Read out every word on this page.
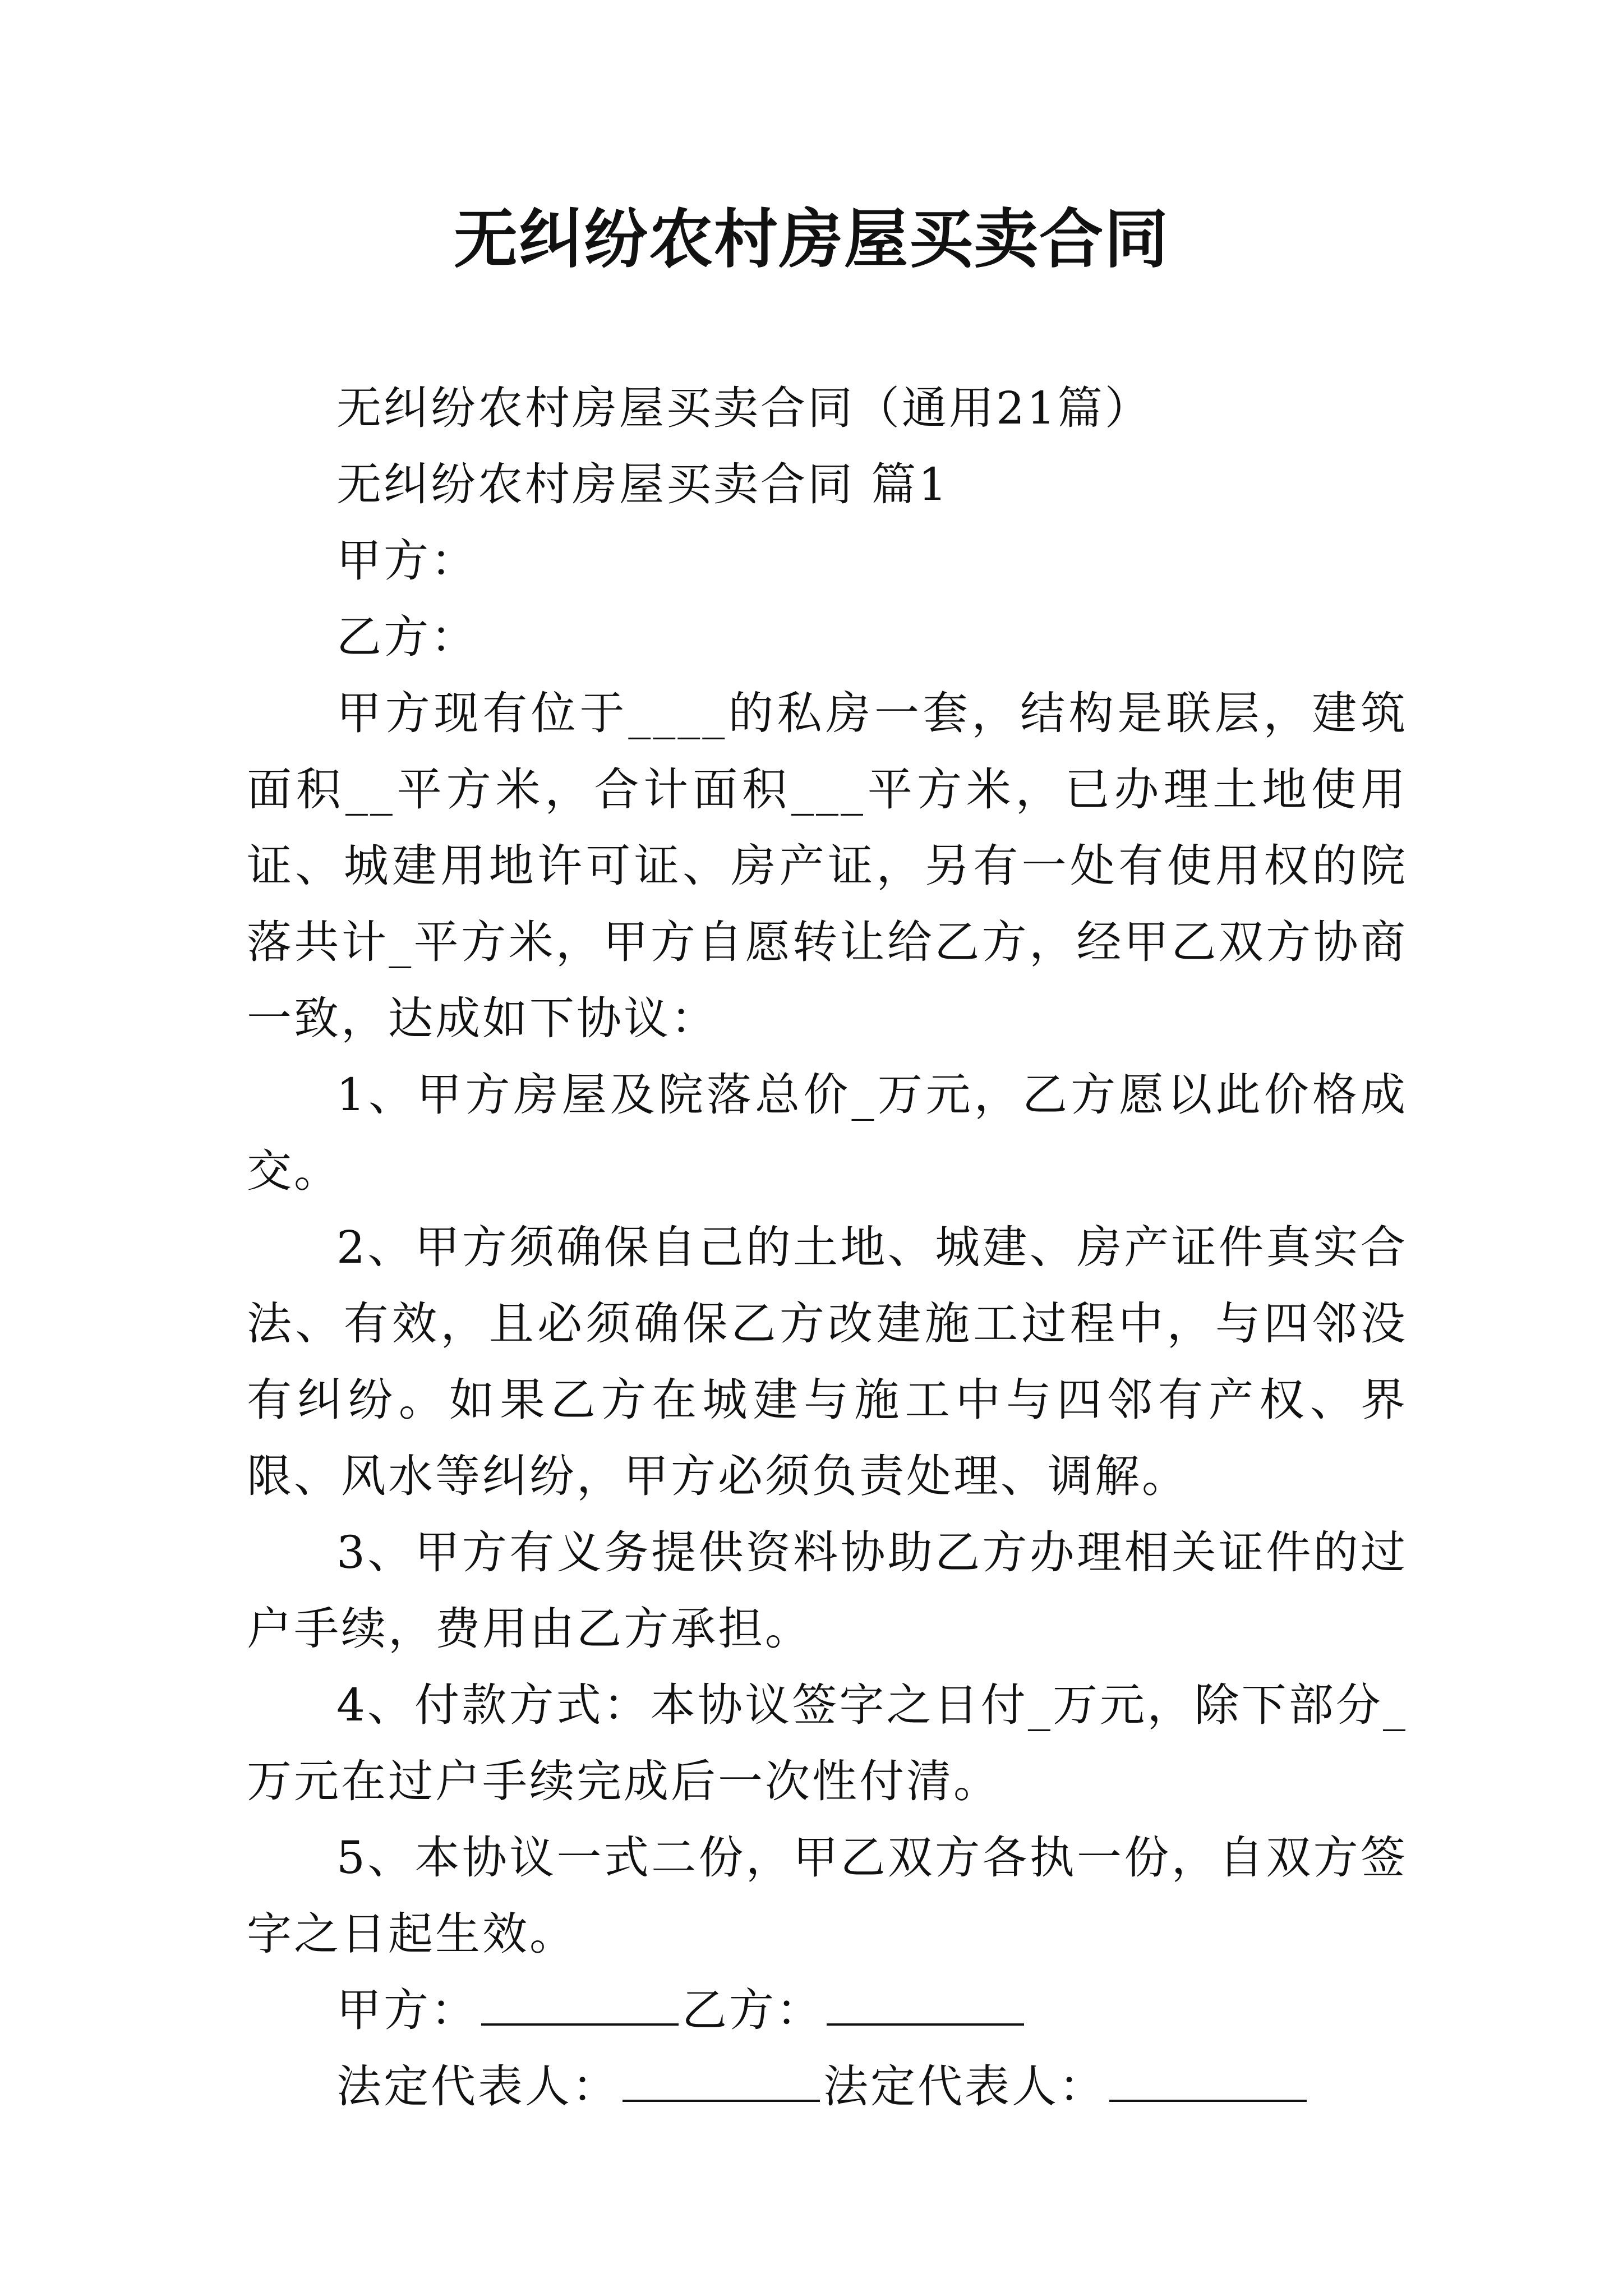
无纠纷农村房屋买卖合同

无纠纷农村房屋买卖合同（通用21篇）

无纠纷农村房屋买卖合同 篇1

甲方：

乙方：

甲方现有位于____的私房一套，结构是联层，建筑面积__平方米，合计面积___平方米，已办理土地使用证、城建用地许可证、房产证，另有一处有使用权的院落共计_平方米，甲方自愿转让给乙方，经甲乙双方协商一致，达成如下协议：

1、甲方房屋及院落总价_万元，乙方愿以此价格成交。

2、甲方须确保自己的土地、城建、房产证件真实合法、有效，且必须确保乙方改建施工过程中，与四邻没有纠纷。如果乙方在城建与施工中与四邻有产权、界限、风水等纠纷，甲方必须负责处理、调解。

3、甲方有义务提供资料协助乙方办理相关证件的过户手续，费用由乙方承担。

4、付款方式：本协议签字之日付_万元，除下部分_万元在过户手续完成后一次性付清。

5、本协议一式二份，甲乙双方各执一份，自双方签字之日起生效。

甲方：	乙方：

法定代表人：	法定代表人：
